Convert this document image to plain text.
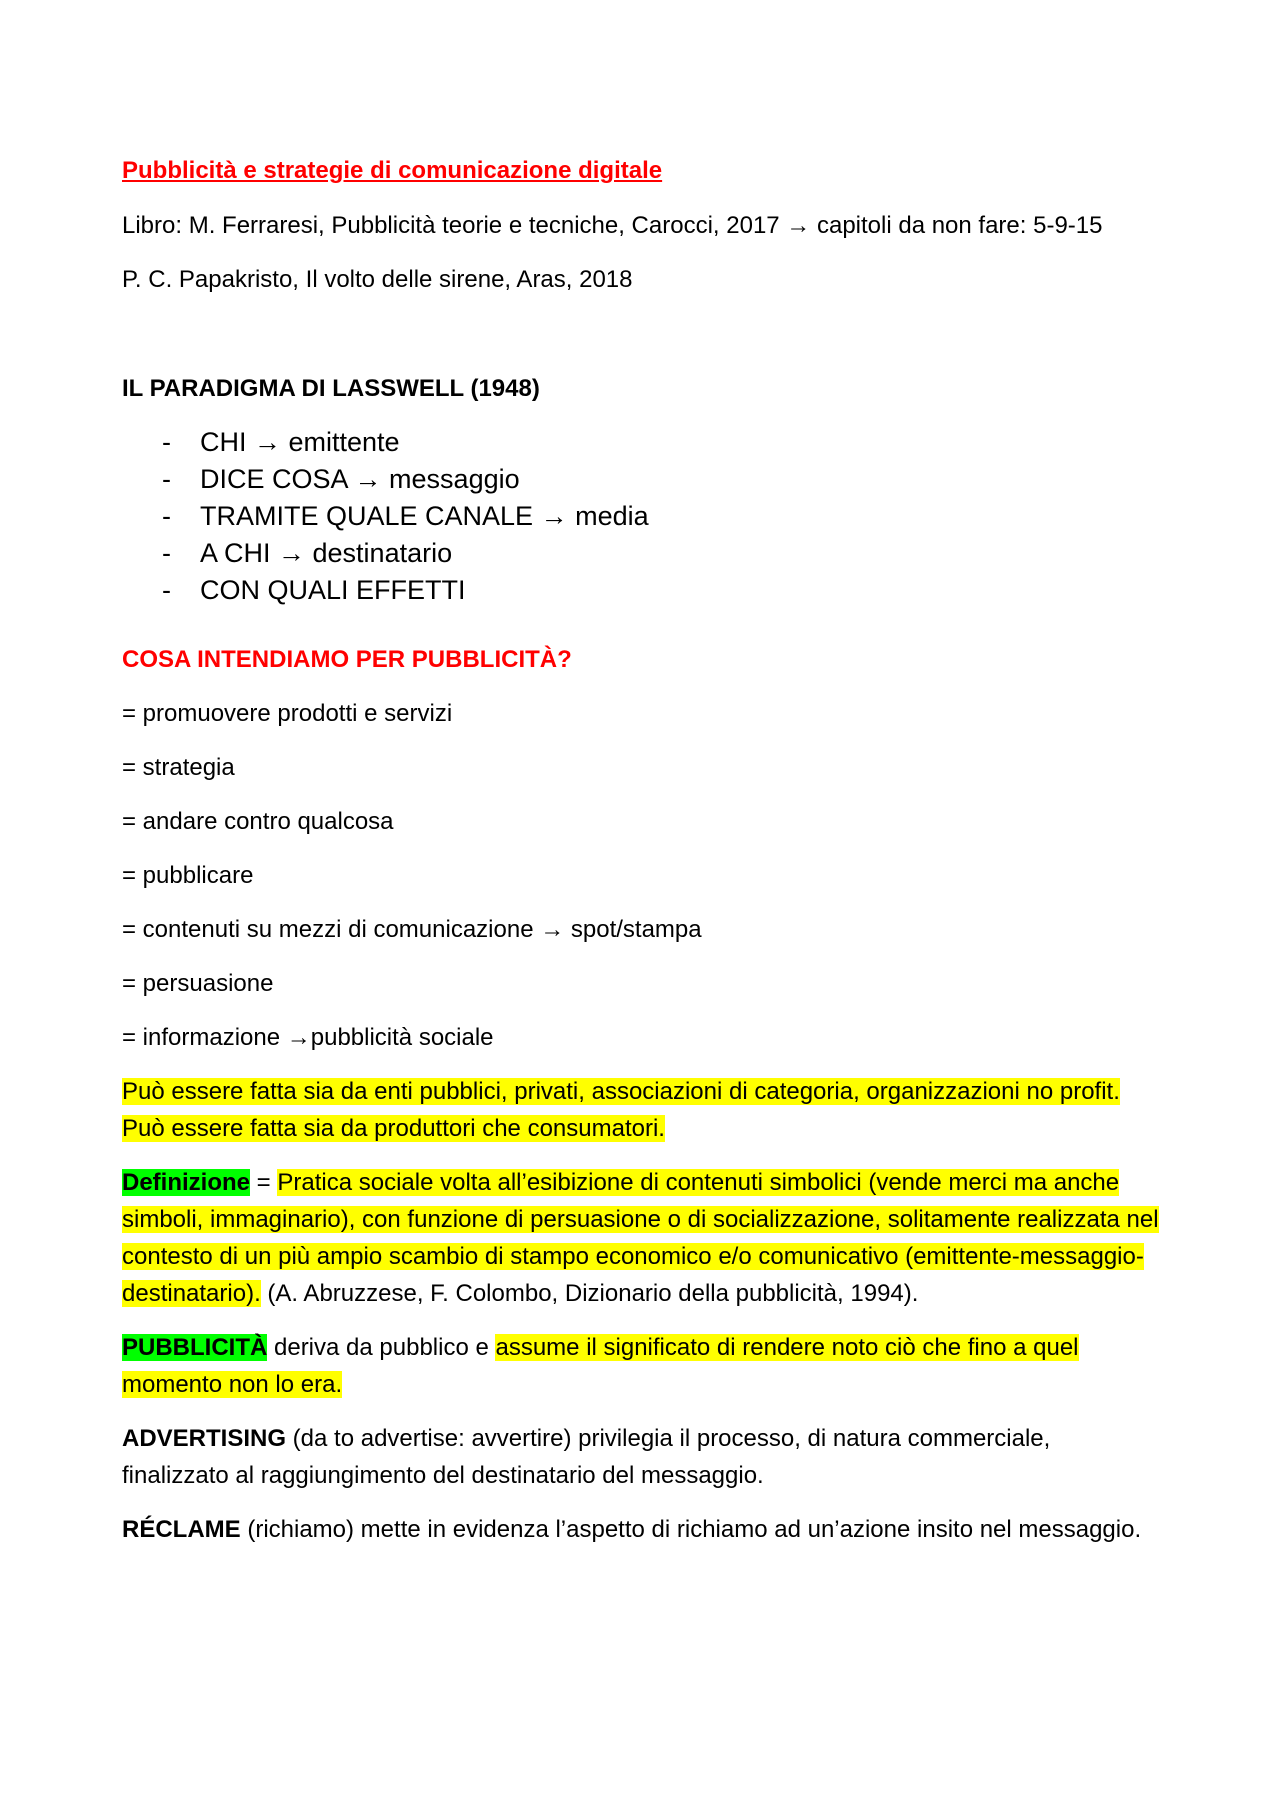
Pubblicità e strategie di comunicazione digitale

Libro: M. Ferraresi, Pubblicità teorie e tecniche, Carocci, 2017 → capitoli da non fare: 5-9-15

P. C. Papakristo, Il volto delle sirene, Aras, 2018

IL PARADIGMA DI LASSWELL (1948)

- CHI → emittente
- DICE COSA → messaggio
- TRAMITE QUALE CANALE → media
- A CHI → destinatario
- CON QUALI EFFETTI

COSA INTENDIAMO PER PUBBLICITÀ?

= promuovere prodotti e servizi

= strategia

= andare contro qualcosa

= pubblicare

= contenuti su mezzi di comunicazione → spot/stampa

= persuasione

= informazione →pubblicità sociale

Può essere fatta sia da enti pubblici, privati, associazioni di categoria, organizzazioni no profit. Può essere fatta sia da produttori che consumatori.

Definizione = Pratica sociale volta all’esibizione di contenuti simbolici (vende merci ma anche simboli, immaginario), con funzione di persuasione o di socializzazione, solitamente realizzata nel contesto di un più ampio scambio di stampo economico e/o comunicativo (emittente-messaggio-destinatario). (A. Abruzzese, F. Colombo, Dizionario della pubblicità, 1994).

PUBBLICITÀ deriva da pubblico e assume il significato di rendere noto ciò che fino a quel momento non lo era.

ADVERTISING (da to advertise: avvertire) privilegia il processo, di natura commerciale, finalizzato al raggiungimento del destinatario del messaggio.

RÉCLAME (richiamo) mette in evidenza l’aspetto di richiamo ad un’azione insito nel messaggio.
